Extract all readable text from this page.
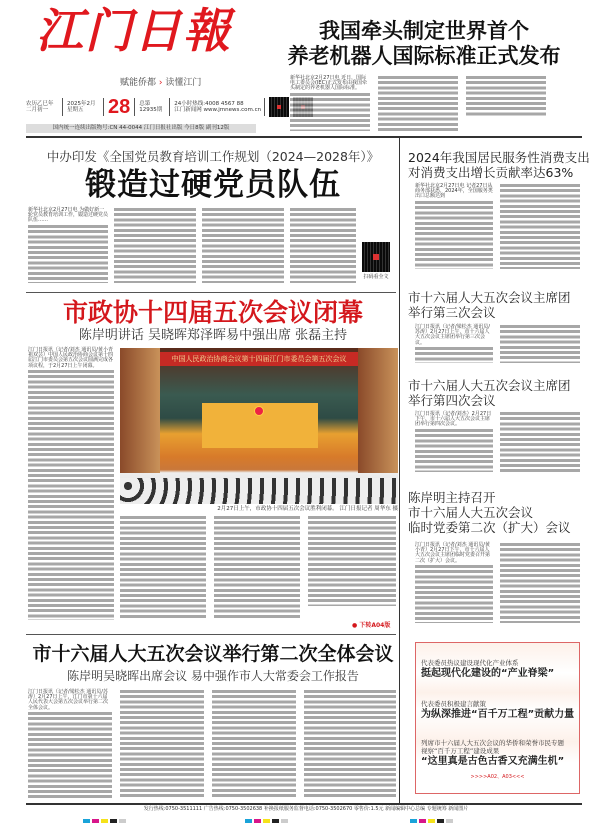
江门日報
赋能侨都 › 读懂江门
农历乙巳年 二月初一
2025年2月 星期五	28 总第
12935期
24小时热线:4008 4567 88
江门新闻网 www.jmnews.com.cn
国内统一连续出版物号:CN 44-0044 江门日报社出版 今日8版 副刊12版
我国牵头制定世界首个
养老机器人国际标准正式发布
新华社北京2月27日电 近日，国际电工委员会(IEC)正式发布由我国牵头制定的养老机器人国际标准。
中办印发《全国党员教育培训工作规划（2024—2028年）》
锻造过硬党员队伍
新华社北京2月27日电 为做好新一轮党员教育培训工作，锻造过硬党员队伍……
扫码看全文
市政协十四届五次会议闭幕
陈岸明讲话 吴晓晖郑泽晖易中强出席 张磊主持
江门日报讯（记者/刘杰 通讯员/黄小青 祖双芸）中国人民政治协商会议第十四届江门市委员会第五次会议圆满完成各项议程，于2月27日上午闭幕。
中国人民政治协商会议第十四届江门市委员会第五次会议
2月27日上午，市政协十四届五次会议胜利闭幕。 江门日报记者 周华东 摄
● 下转A04版
市十六届人大五次会议举行第二次全体会议
陈岸明吴晓晖出席会议 易中强作市人大常委会工作报告
江门日报讯（记者/梁松杰 通讯员/苏涛）2月27日上午，江门市第十六届人民代表大会第五次会议举行第二次全体会议。
2024年我国居民服务性消费支出
对消费支出增长贡献率达63%
新华社北京2月27日电 记者27日从商务部获悉，2024年，全国服务类出口总额达到
市十六届人大五次会议主席团
举行第三次会议
江门日报讯（记者/梁松杰 通讯员/苏涛）2月27日上午，市十六届人大五次会议主席团举行第三次会议。
市十六届人大五次会议主席团
举行第四次会议
江门日报讯（记者/刘杰）2月27日下午，市十六届人大五次会议主席团举行第四次会议。
陈岸明主持召开
市十六届人大五次会议
临时党委第二次（扩大）会议
江门日报讯（记者/刘杰 通讯员/黄小青）2月27日下午，市十六届人大五次会议主席团临时党委召开第二次（扩大）会议。
代表委员热议建设现代化产业体系
挺起现代化建设的“产业脊梁”
代表委员积极建言献策
为纵深推进“百千万工程”贡献力量
列席市十六届人大五次会议的华侨和荣誉市民专题视察“百千万工程”建设成果
“这里真是古色古香又充满生机”
>>>>A02、A03<<<
发行热线:0750-3511111 广告热线:0750-3502638 补换报纸服务监督电话:0750-3502670 零售价:1.5元 新闻编辑中心总编 专题统筹 新闻图片
